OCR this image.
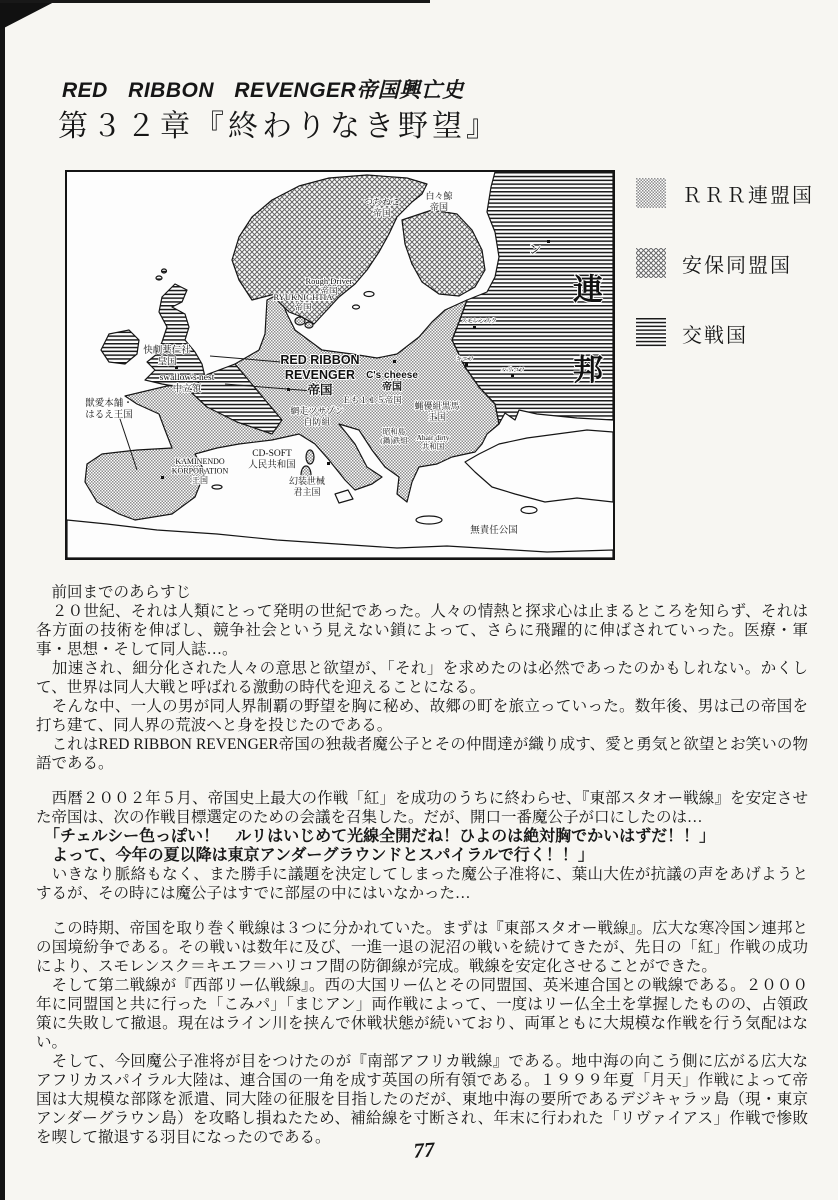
RED RIBBON REVENGER帝国興亡史
第３２章『終わりなき野望』
白々鯨
帝国
つちねこ
帝国
ン
連
邦
Rough Driver
帝国
RYUKNIGHTIA
帝国
快劇薬仁社
皇国
swallow's nest
中立領
獣愛本舗・
はるえ王国
RED RIBBON
REVENGER
帝国
C's cheese
帝国
Ｅも１１５帝国
網走ツサゾン
自防組
蝿優組黒馬
王国
昭和島
(鍋)鉄組 Ahair dirty
共和国
CD-SOFT
人民共和国
幻装世械
君主国
KAMINENDO
KORPORATION
王国
無責任公国
スモレンスク
キエフ
ハリコフ
ＲＲＲ連盟国
安保同盟国
交戦国

　前回までのあらすじ

　２０世紀、それは人類にとって発明の世紀であった。人々の情熱と探求心は止まるところを知らず、それは各方面の技術を伸ばし、競争社会という見えない鎖によって、さらに飛躍的に伸ばされていった。医療・軍事・思想・そして同人誌…。

　加速され、細分化された人々の意思と欲望が、「それ」を求めたのは必然であったのかもしれない。かくして、世界は同人大戦と呼ばれる激動の時代を迎えることになる。

　そんな中、一人の男が同人界制覇の野望を胸に秘め、故郷の町を旅立っていった。数年後、男は己の帝国を打ち建て、同人界の荒波へと身を投じたのである。

　これはRED RIBBON REVENGER帝国の独裁者魔公子とその仲間達が織り成す、愛と勇気と欲望とお笑いの物語である。

　西暦２００２年５月、帝国史上最大の作戦「紅」を成功のうちに終わらせ、『東部スタオー戦線』を安定させた帝国は、次の作戦目標選定のための会議を召集した。だが、開口一番魔公子が口にしたのは…

　「チェルシー色っぽい！　ルリはいじめて光線全開だね！ひよのは絶対胸でかいはずだ！！」

　よって、今年の夏以降は東京アンダーグラウンドとスパイラルで行く！！」

　いきなり脈絡もなく、また勝手に議題を決定してしまった魔公子准将に、葉山大佐が抗議の声をあげようとするが、その時には魔公子はすでに部屋の中にはいなかった…

　この時期、帝国を取り巻く戦線は３つに分かれていた。まずは『東部スタオー戦線』。広大な寒冷国ン連邦との国境紛争である。その戦いは数年に及び、一進一退の泥沼の戦いを続けてきたが、先日の「紅」作戦の成功により、スモレンスク＝キエフ＝ハリコフ間の防御線が完成。戦線を安定化させることができた。

　そして第二戦線が『西部リー仏戦線』。西の大国リー仏とその同盟国、英米連合国との戦線である。２０００年に同盟国と共に行った「こみパ」「まじアン」両作戦によって、一度はリー仏全土を掌握したものの、占領政策に失敗して撤退。現在はライン川を挟んで休戦状態が続いており、両軍ともに大規模な作戦を行う気配はない。

　そして、今回魔公子准将が目をつけたのが『南部アフリカ戦線』である。地中海の向こう側に広がる広大なアフリカスパイラル大陸は、連合国の一角を成す英国の所有領である。１９９９年夏「月天」作戦によって帝国は大規模な部隊を派遣、同大陸の征服を目指したのだが、東地中海の要所であるデジキャラッ島（現・東京アンダーグラウン島）を攻略し損ねたため、補給線を寸断され、年末に行われた「リヴァイアス」作戦で惨敗を喫して撤退する羽目になったのである。	77
